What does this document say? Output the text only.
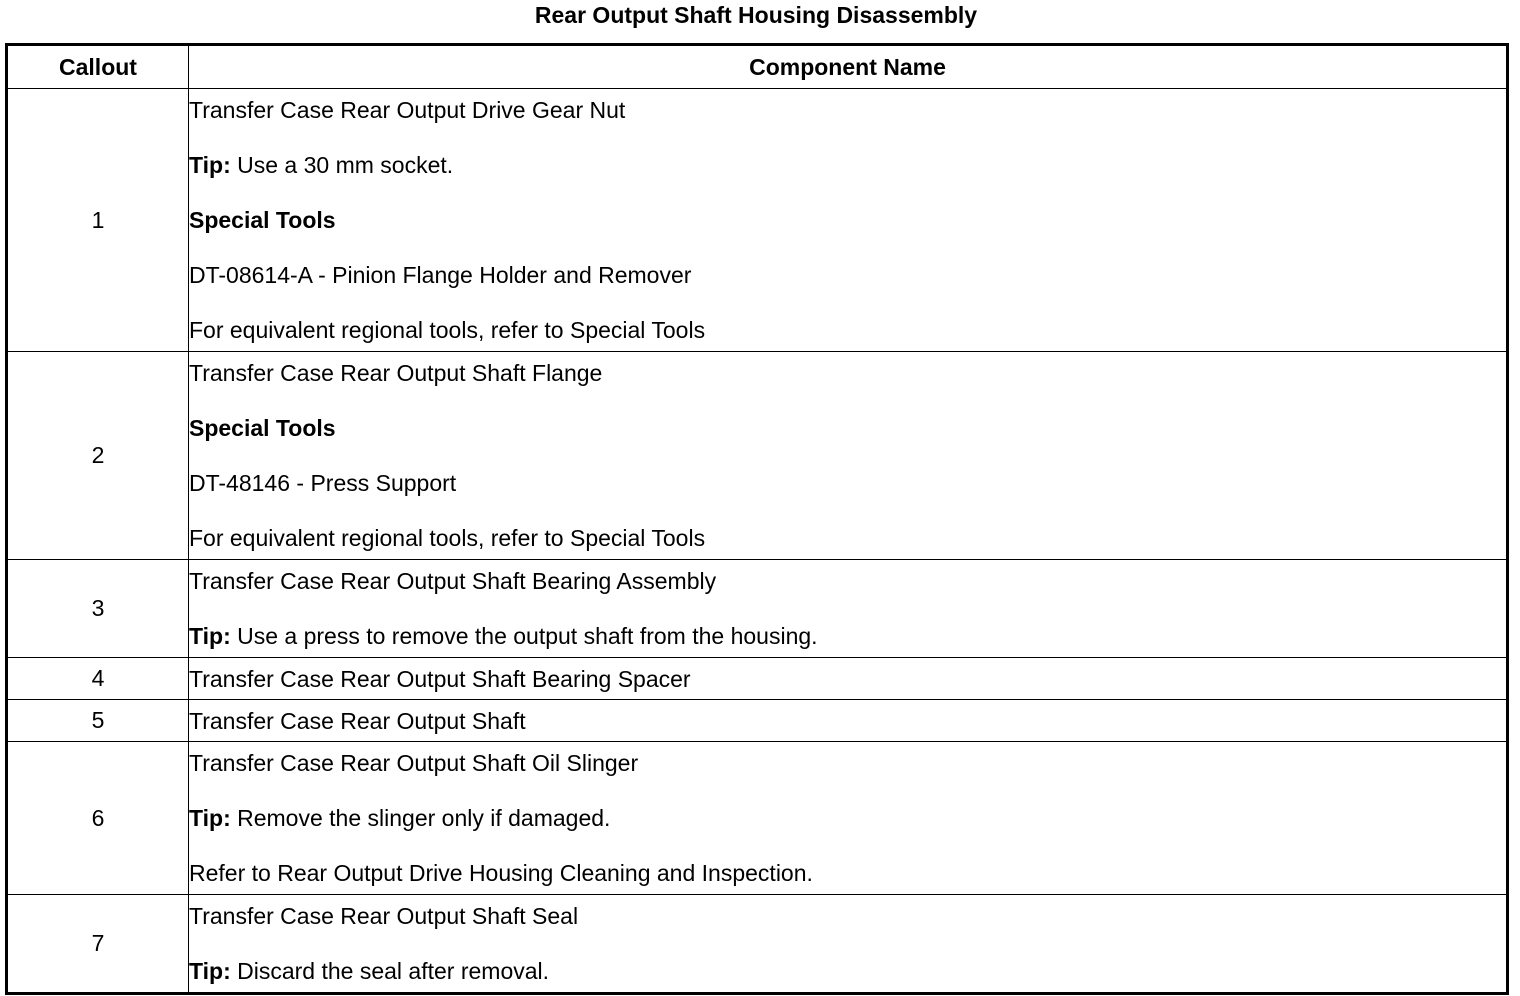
Rear Output Shaft Housing Disassembly
Callout	Component Name
1	Transfer Case Rear Output Drive Gear Nut
Tip: Use a 30 mm socket.
Special Tools
DT-08614-A - Pinion Flange Holder and Remover
For equivalent regional tools, refer to Special Tools

2	Transfer Case Rear Output Shaft Flange
Special Tools
DT-48146 - Press Support
For equivalent regional tools, refer to Special Tools

3	Transfer Case Rear Output Shaft Bearing Assembly
Tip: Use a press to remove the output shaft from the housing.

4	Transfer Case Rear Output Shaft Bearing Spacer

5	Transfer Case Rear Output Shaft

6	Transfer Case Rear Output Shaft Oil Slinger
Tip: Remove the slinger only if damaged.
Refer to Rear Output Drive Housing Cleaning and Inspection.

7	Transfer Case Rear Output Shaft Seal
Tip: Discard the seal after removal.
